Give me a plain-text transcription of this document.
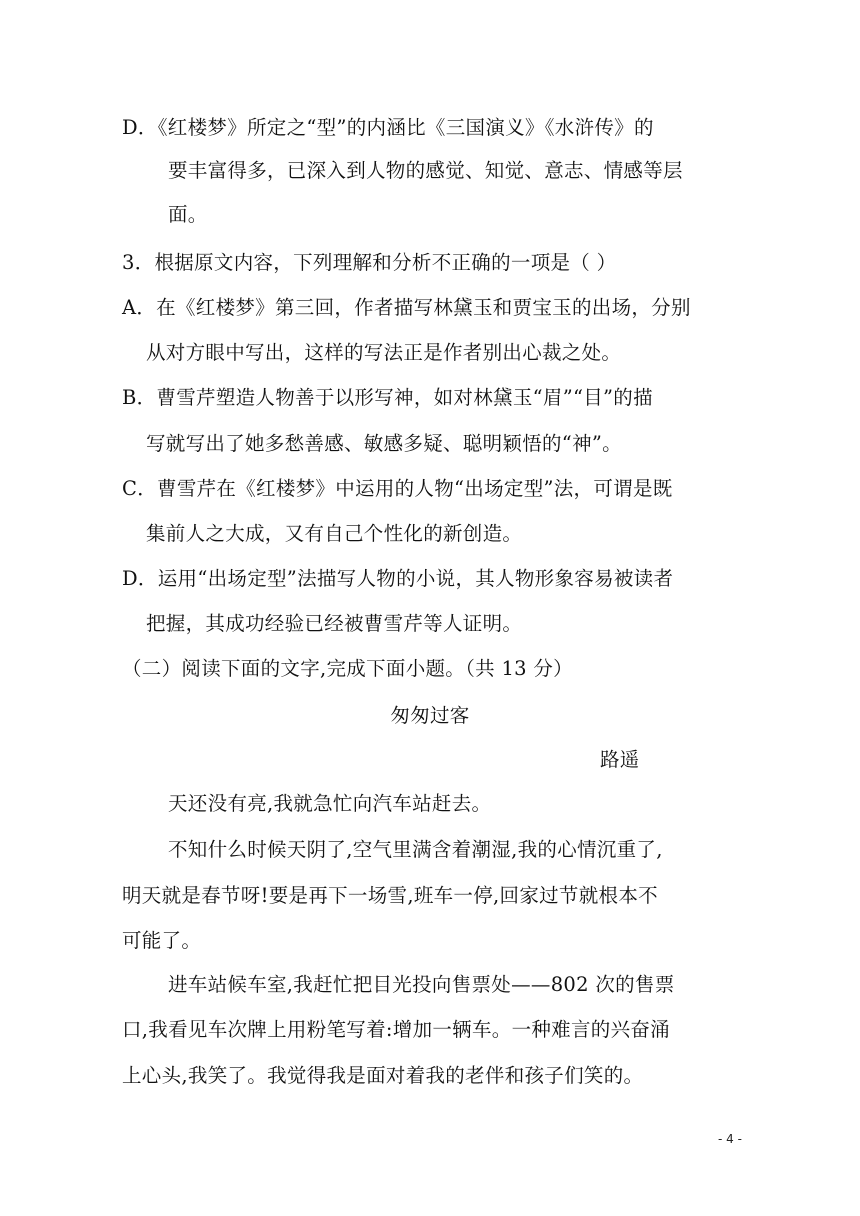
D．《红楼梦》所定之“型”的内涵比《三国演义》《水浒传》的
要丰富得多，已深入到人物的感觉、知觉、意志、情感等层
面。
3．根据原文内容，下列理解和分析不正确的一项是（ ）
A．在《红楼梦》第三回，作者描写林黛玉和贾宝玉的出场，分别
从对方眼中写出，这样的写法正是作者别出心裁之处。
B．曹雪芹塑造人物善于以形写神，如对林黛玉“眉”“目”的描
写就写出了她多愁善感、敏感多疑、聪明颖悟的“神”。
C．曹雪芹在《红楼梦》中运用的人物“出场定型”法，可谓是既
集前人之大成，又有自己个性化的新创造。
D．运用“出场定型”法描写人物的小说，其人物形象容易被读者
把握，其成功经验已经被曹雪芹等人证明。
（二）阅读下面的文字,完成下面小题。（共 13 分）
匆匆过客
路遥
天还没有亮,我就急忙向汽车站赶去。
不知什么时候天阴了,空气里满含着潮湿,我的心情沉重了,
明天就是春节呀!要是再下一场雪,班车一停,回家过节就根本不
可能了。
进车站候车室,我赶忙把目光投向售票处——802 次的售票
口,我看见车次牌上用粉笔写着:增加一辆车。一种难言的兴奋涌
上心头,我笑了。我觉得我是面对着我的老伴和孩子们笑的。
- 4 -
